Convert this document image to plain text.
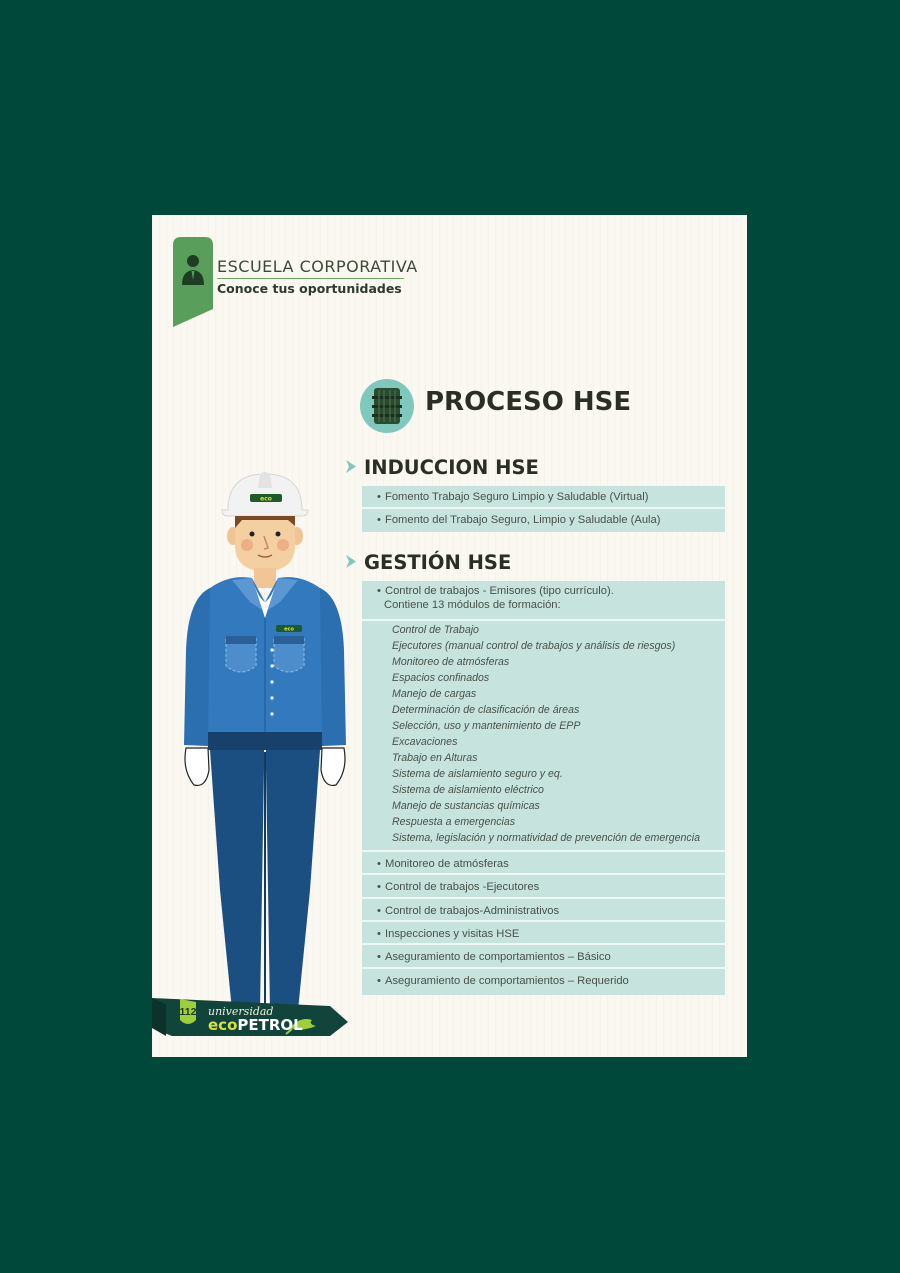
ESCUELA CORPORATIVA
Conoce tus oportunidades
PROCESO HSE
INDUCCION HSE
• Fomento Trabajo Seguro Limpio y Saludable (Virtual)
• Fomento del Trabajo Seguro, Limpio y Saludable (Aula)
GESTIÓN HSE
• Control de trabajos - Emisores (tipo currículo).
Contiene 13 módulos de formación:
Control de Trabajo
Ejecutores (manual control de trabajos y análisis de riesgos)
Monitoreo de atmósferas
Espacios confinados
Manejo de cargas
Determinación de clasificación de áreas
Selección, uso y mantenimiento de EPP
Excavaciones
Trabajo en Alturas
Sistema de aislamiento seguro y eq.
Sistema de aislamiento eléctrico
Manejo de sustancias químicas
Respuesta a emergencias
Sistema, legislación y normatividad de prevención de emergencia
• Monitoreo de atmósferas
• Control de trabajos -Ejecutores
• Control de trabajos-Administrativos
• Inspecciones y visitas HSE
• Aseguramiento de comportamientos – Básico
• Aseguramiento de comportamientos – Requerido
eco
eco
112 universidad
ecoPETROL
